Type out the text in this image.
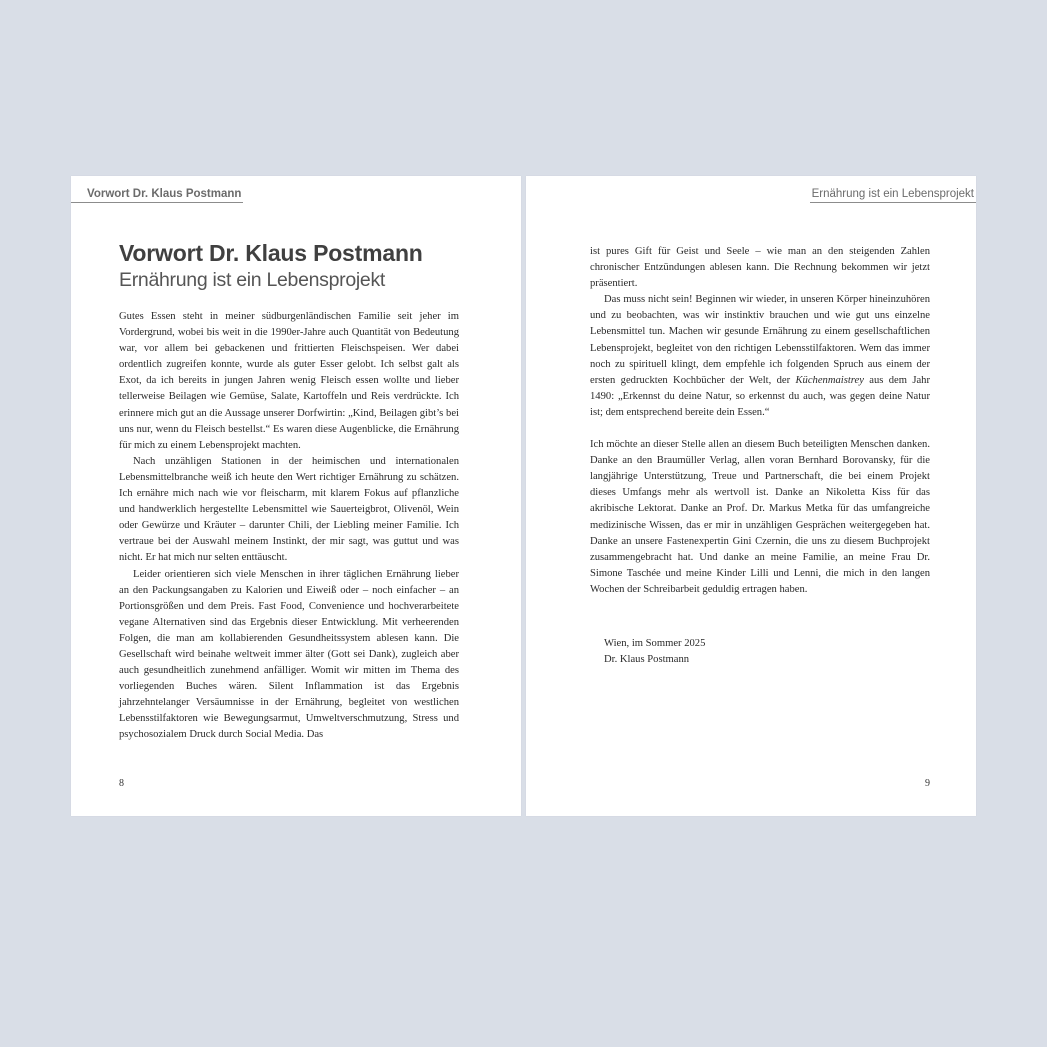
Vorwort Dr. Klaus Postmann
Vorwort Dr. Klaus Postmann
Ernährung ist ein Lebensprojekt

Gutes Essen steht in meiner südburgenländischen Familie seit jeher im Vordergrund, wobei bis weit in die 1990er-Jahre auch Quantität von Bedeutung war, vor allem bei gebackenen und frittierten Fleischspeisen. Wer dabei ordentlich zugreifen konnte, wurde als guter Esser gelobt. Ich selbst galt als Exot, da ich bereits in jungen Jahren wenig Fleisch essen wollte und lieber tellerweise Beilagen wie Gemüse, Salate, Kartoffeln und Reis verdrückte. Ich erinnere mich gut an die Aussage unserer Dorfwirtin: „Kind, Beilagen gibt’s bei uns nur, wenn du Fleisch bestellst.“ Es waren diese Augenblicke, die Ernährung für mich zu einem Lebensprojekt machten.

Nach unzähligen Stationen in der heimischen und internationalen Lebensmittelbranche weiß ich heute den Wert richtiger Ernährung zu schätzen. Ich ernähre mich nach wie vor fleischarm, mit klarem Fokus auf pflanzliche und handwerklich hergestellte Lebensmittel wie Sauerteigbrot, Olivenöl, Wein oder Gewürze und Kräuter – darunter Chili, der Liebling meiner Familie. Ich vertraue bei der Auswahl meinem Instinkt, der mir sagt, was guttut und was nicht. Er hat mich nur selten enttäuscht.

Leider orientieren sich viele Menschen in ihrer täglichen Ernährung lieber an den Packungsangaben zu Kalorien und Eiweiß oder – noch einfacher – an Portionsgrößen und dem Preis. Fast Food, Convenience und hochverarbeitete vegane Alternativen sind das Ergebnis dieser Entwicklung. Mit verheerenden Folgen, die man am kollabierenden Gesundheitssystem ablesen kann. Die Gesellschaft wird beinahe weltweit immer älter (Gott sei Dank), zugleich aber auch gesundheitlich zunehmend anfälliger. Womit wir mitten im Thema des vorliegenden Buches wären. Silent Inflammation ist das Ergebnis jahrzehntelanger Versäumnisse in der Ernährung, begleitet von westlichen Lebensstilfaktoren wie Bewegungsarmut, Umweltverschmutzung, Stress und psychosozialem Druck durch Social Media. Das

8
Ernährung ist ein Lebensprojekt

ist pures Gift für Geist und Seele – wie man an den steigenden Zahlen chronischer Entzündungen ablesen kann. Die Rechnung bekommen wir jetzt präsentiert.

Das muss nicht sein! Beginnen wir wieder, in unseren Körper hineinzuhören und zu beobachten, was wir instinktiv brauchen und wie gut uns einzelne Lebensmittel tun. Machen wir gesunde Ernährung zu einem gesellschaftlichen Lebensprojekt, begleitet von den richtigen Lebensstilfaktoren. Wem das immer noch zu spirituell klingt, dem empfehle ich folgenden Spruch aus einem der ersten gedruckten Kochbücher der Welt, der Küchenmaistrey aus dem Jahr 1490: „Erkennst du deine Natur, so erkennst du auch, was gegen deine Natur ist; dem entsprechend bereite dein Essen.“

Ich möchte an dieser Stelle allen an diesem Buch beteiligten Menschen danken. Danke an den Braumüller Verlag, allen voran Bernhard Borovansky, für die langjährige Unterstützung, Treue und Partnerschaft, die bei einem Projekt dieses Umfangs mehr als wertvoll ist. Danke an Nikoletta Kiss für das akribische Lektorat. Danke an Prof. Dr. Markus Metka für das umfangreiche medizinische Wissen, das er mir in unzähligen Gesprächen weitergegeben hat. Danke an unsere Fastenexpertin Gini Czernin, die uns zu diesem Buchprojekt zusammengebracht hat. Und danke an meine Familie, an meine Frau Dr. Simone Taschée und meine Kinder Lilli und Lenni, die mich in den langen Wochen der Schreibarbeit geduldig ertragen haben.

Wien, im Sommer 2025
Dr. Klaus Postmann
9
